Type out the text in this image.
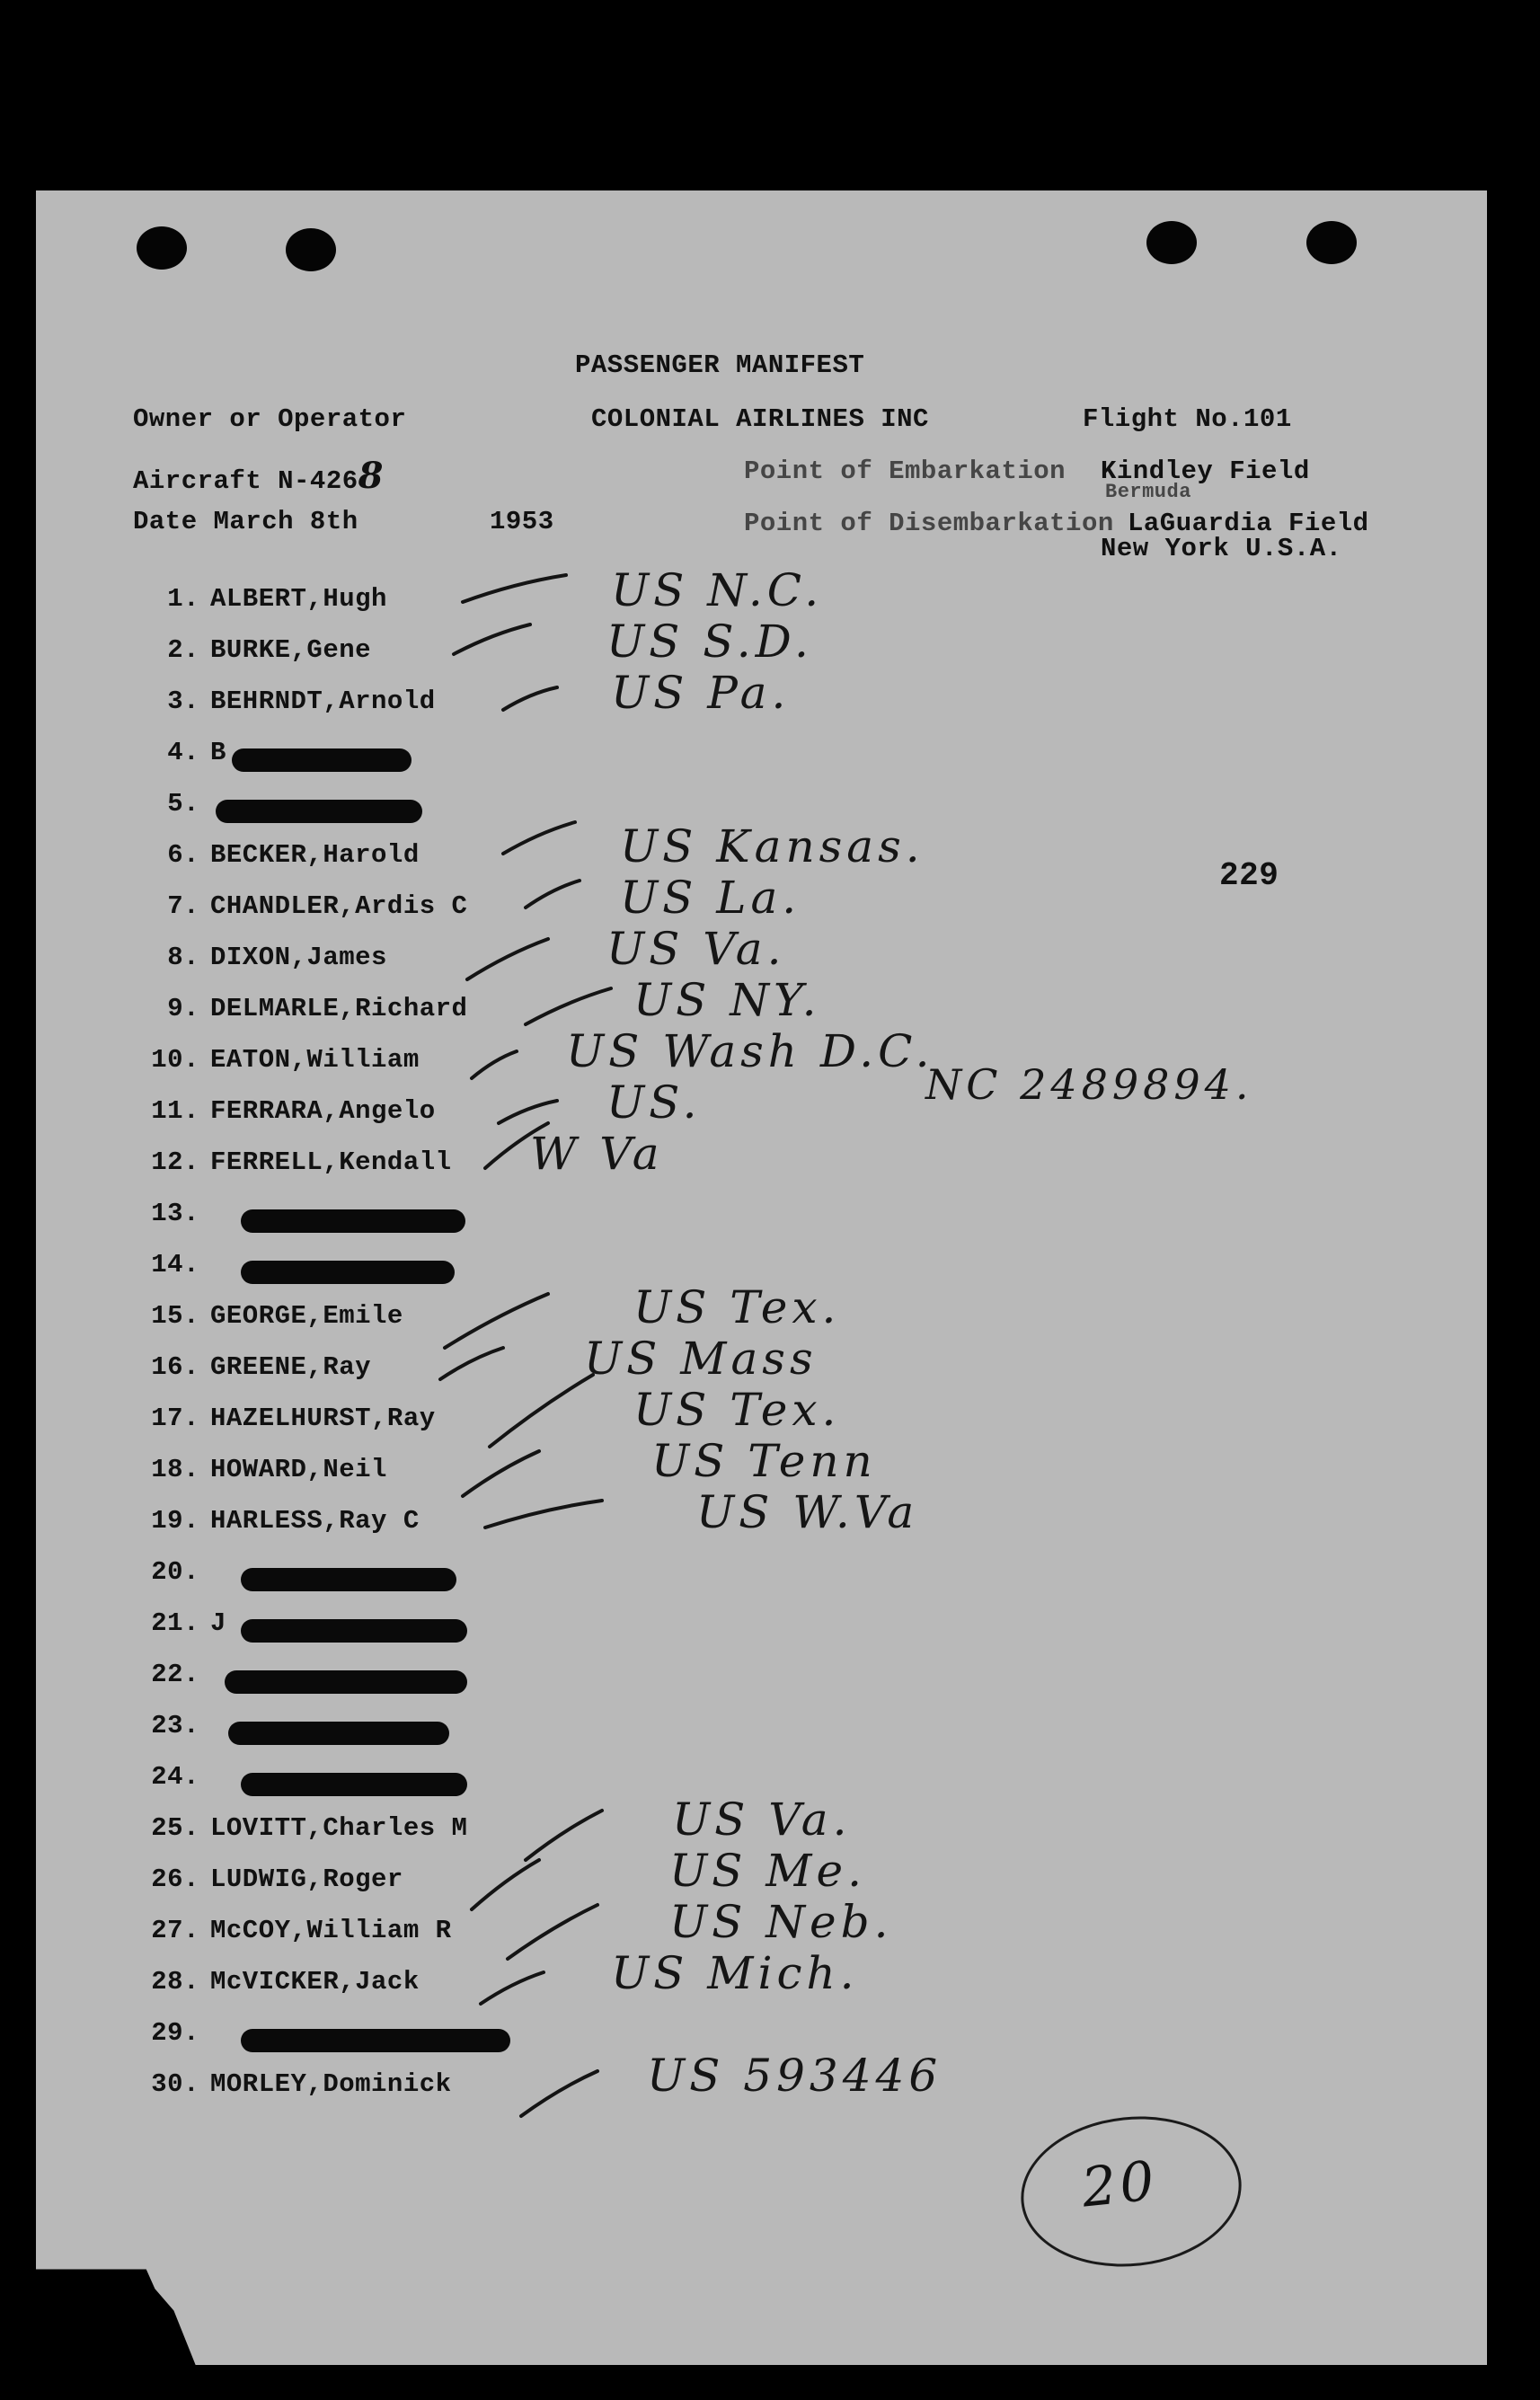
PASSENGER MANIFEST
Owner or Operator	COLONIAL AIRLINES INC	Flight No.101
Aircraft N-4268	Point of Embarkation Kindley Field
Bermuda
Date March 8th	1953	Point of Disembarkation LaGuardia Field
New York U.S.A.
229
1. ALBERT,Hugh	US N.C.
2. BURKE,Gene	US S.D.
3. BEHRNDT,Arnold	US Pa.
4. B
5.
6. BECKER,Harold	US Kansas.
7. CHANDLER,Ardis C	US La.
8. DIXON,James	US Va.
9. DELMARLE,Richard	US NY.
10. EATON,William	US Wash D.C.
11. FERRARA,Angelo	US.
12. FERRELL,Kendall	W Va
13.
14.
15. GEORGE,Emile	US Tex.
16. GREENE,Ray	US Mass
17. HAZELHURST,Ray	US Tex.
18. HOWARD,Neil	US Tenn
19. HARLESS,Ray C	US W.Va
20.
21. J
22.
23.
24.
25. LOVITT,Charles M	US Va.
26. LUDWIG,Roger	US Me.
27. McCOY,William R	US Neb.
28. McVICKER,Jack	US Mich.
29.
30. MORLEY,Dominick	US 593446
NC 2489894.
20
